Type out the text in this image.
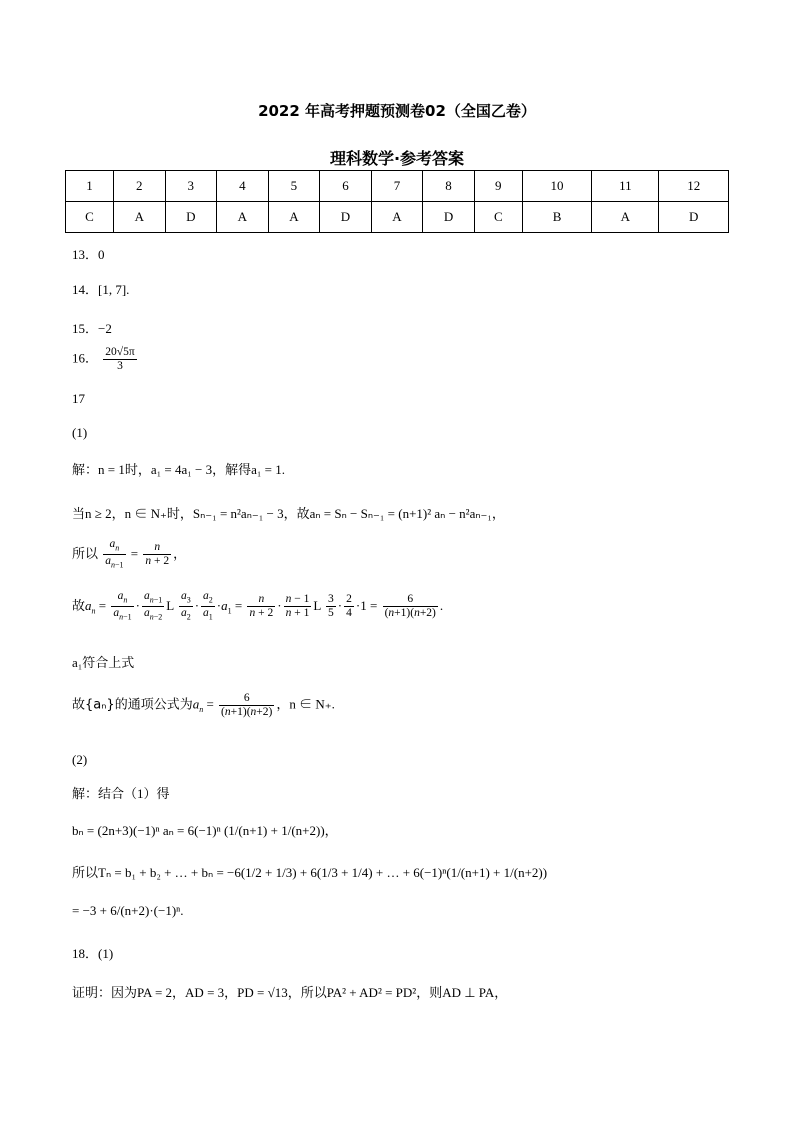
2022 年高考押题预测卷02（全国乙卷）
理科数学·参考答案
1	2	3	4	5	6	7	8	9	10	11	12
C	A	D	A	A	D	A	D	C	B	A	D
13．0
14．[1, 7].
15．−2
16． $\frac{20√5\pi}{3}$
17
(1)
解：n = 1时，a₁ = 4a₁ − 3，解得a₁ = 1.
当n ≥ 2，n ∈ N₊时，Sₙ₋₁ = n²aₙ₋₁ − 3，故aₙ = Sₙ − Sₙ₋₁ = (n+1)² aₙ − n²aₙ₋₁，
所以 $\frac{a_n}{a_{n-1}} = \frac{n}{n + 2}$ ，
故$a_n = \frac{a_n}{a_{n-1}} \cdot \frac{a_{n-1}}{a_{n-2}}$ L $\frac{a_3}{a_2} \cdot \frac{a_2}{a_1} \cdot a_1 = \frac{n}{n + 2} \cdot \frac{n - 1}{n + 1}$ L $\frac{3}{5} \cdot \frac{2}{4} \cdot 1 = \frac{6}{(n+1)(n+2)}$ .
a₁符合上式
故{aₙ}的通项公式为$a_n = \frac{6}{(n+1)(n+2)}$ ，n ∈ N₊.
(2)
解：结合（1）得
bₙ = (2n+3)(−1)ⁿ aₙ = 6(−1)ⁿ (1/(n+1) + 1/(n+2))，
所以Tₙ = b₁ + b₂ + … + bₙ = −6(1/2 + 1/3) + 6(1/3 + 1/4) + … + 6(−1)ⁿ(1/(n+1) + 1/(n+2))
= −3 + 6/(n+2)·(−1)ⁿ.
18．(1)
证明：因为PA = 2，AD = 3，PD = √13，所以PA² + AD² = PD²，则AD ⊥ PA，
